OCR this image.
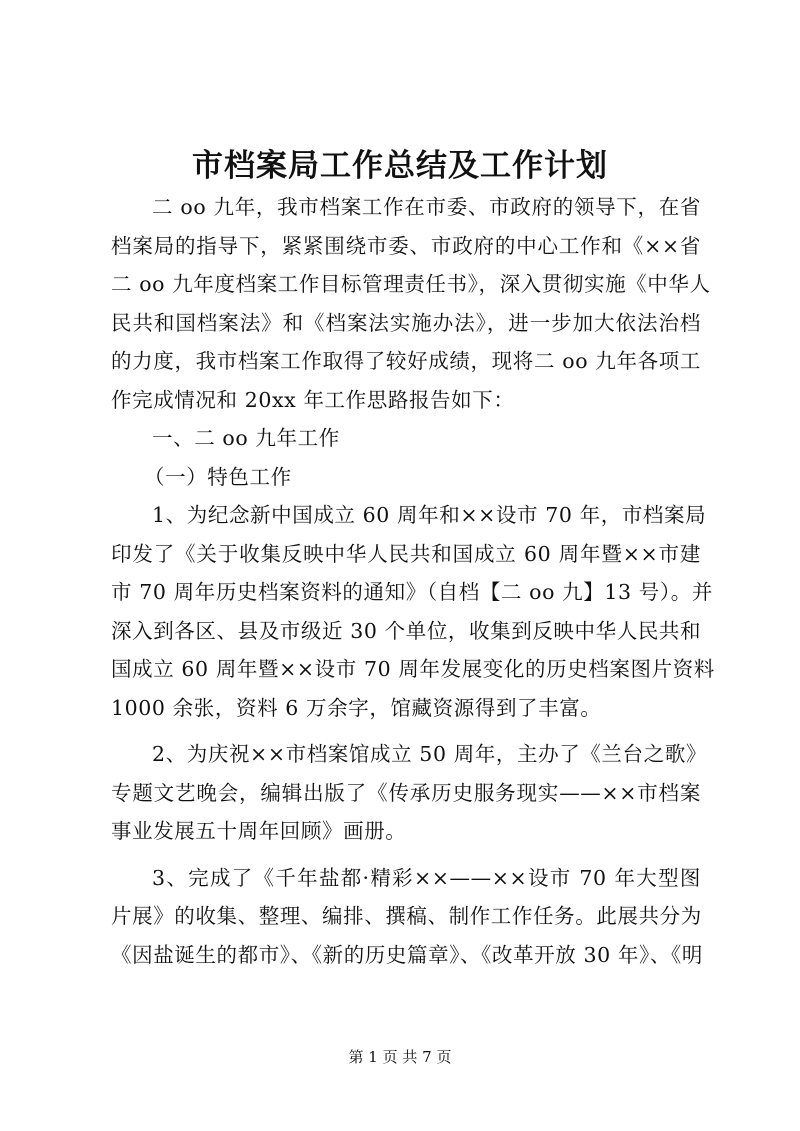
市档案局工作总结及工作计划
二 oo 九年，我市档案工作在市委、市政府的领导下，在省
档案局的指导下，紧紧围绕市委、市政府的中心工作和《××省
二 oo 九年度档案工作目标管理责任书》，深入贯彻实施《中华人
民共和国档案法》和《档案法实施办法》，进一步加大依法治档
的力度，我市档案工作取得了较好成绩，现将二 oo 九年各项工
作完成情况和 20xx 年工作思路报告如下：
一、二 oo 九年工作
（一）特色工作
1、为纪念新中国成立 60 周年和××设市 70 年，市档案局
印发了《关于收集反映中华人民共和国成立 60 周年暨××市建
市 70 周年历史档案资料的通知》（自档【二 oo 九】13 号）。并
深入到各区、县及市级近 30 个单位，收集到反映中华人民共和
国成立 60 周年暨××设市 70 周年发展变化的历史档案图片资料
1000 余张，资料 6 万余字，馆藏资源得到了丰富。
2、为庆祝××市档案馆成立 50 周年，主办了《兰台之歌》
专题文艺晚会，编辑出版了《传承历史服务现实——××市档案
事业发展五十周年回顾》画册。
3、完成了《千年盐都·精彩××——××设市 70 年大型图
片展》的收集、整理、编排、撰稿、制作工作任务。此展共分为
《因盐诞生的都市》、《新的历史篇章》、《改革开放 30 年》、《明
第 1 页 共 7 页
